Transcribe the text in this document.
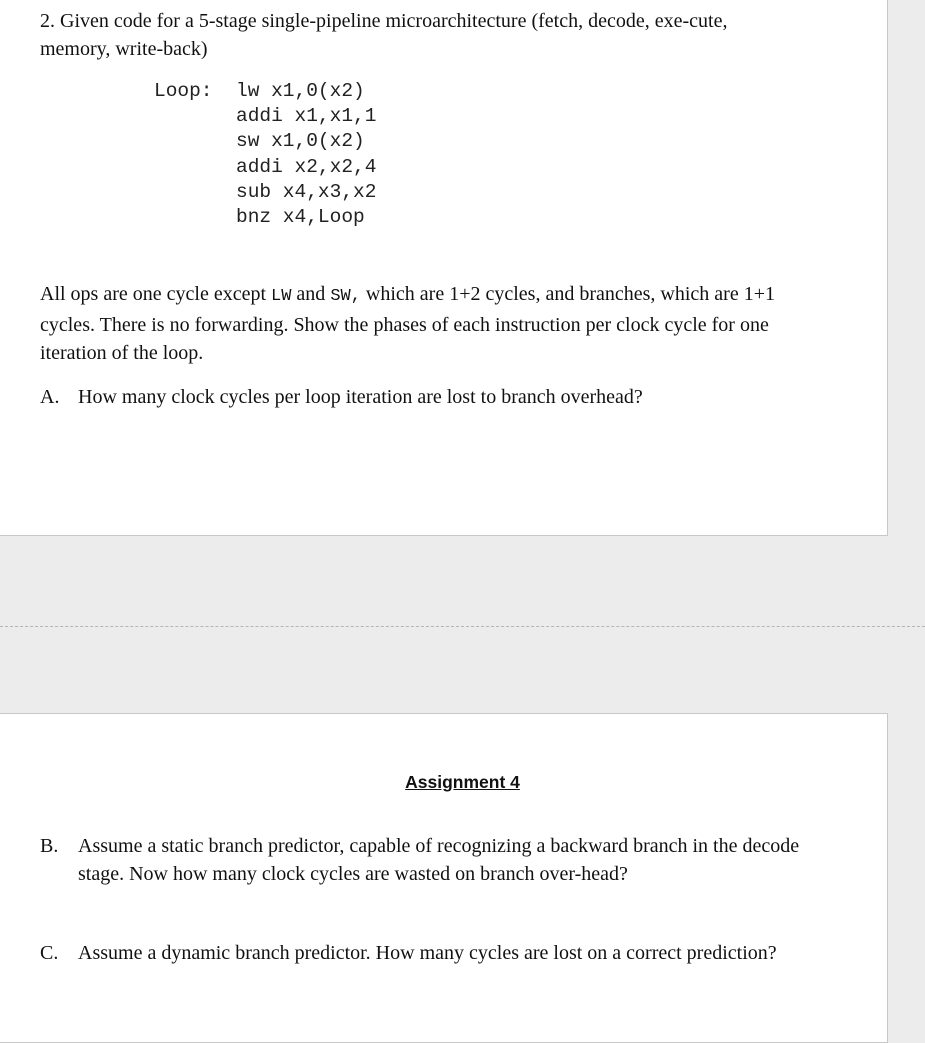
2. Given code for a 5-stage single-pipeline microarchitecture (fetch, decode, exe-cute, memory, write-back)

Loop: lw x1,0(x2)
addi x1,x1,1
sw x1,0(x2)
addi x2,x2,4
sub x4,x3,x2
bnz x4,Loop

All ops are one cycle except LW and SW, which are 1+2 cycles, and branches, which are 1+1 cycles. There is no forwarding. Show the phases of each instruction per clock cycle for one iteration of the loop.

A. How many clock cycles per loop iteration are lost to branch overhead?
Assignment 4
B. Assume a static branch predictor, capable of recognizing a backward branch in the decode stage. Now how many clock cycles are wasted on branch over-head?
C. Assume a dynamic branch predictor. How many cycles are lost on a correct prediction?
